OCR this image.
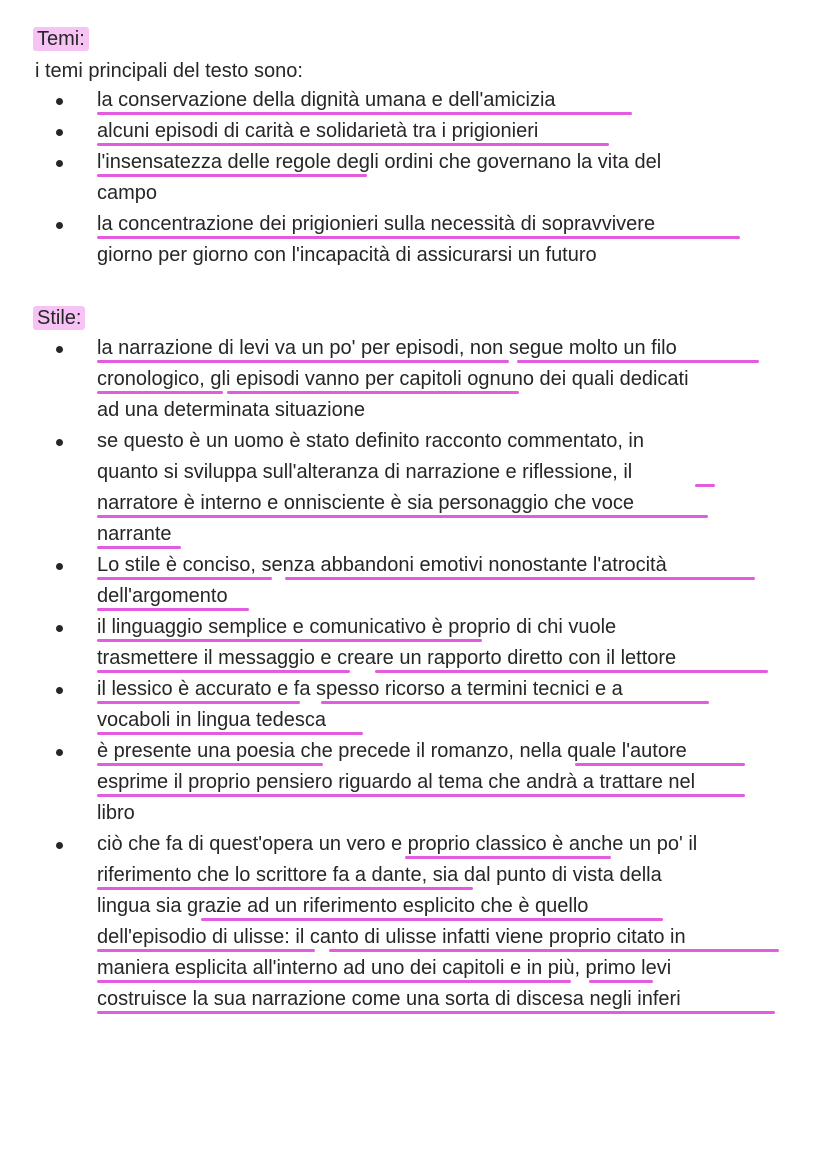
Temi:
i temi principali del testo sono:
la conservazione della dignità umana e dell'amicizia
alcuni episodi di carità e solidarietà tra i prigionieri
l'insensatezza delle regole degli ordini che governano la vita del
campo
la concentrazione dei prigionieri sulla necessità di sopravvivere
giorno per giorno con l'incapacità di assicurarsi un futuro
Stile:
la narrazione di levi va un po' per episodi, non segue molto un filo
cronologico, gli episodi vanno per capitoli ognuno dei quali dedicati
ad una determinata situazione
se questo è un uomo è stato definito racconto commentato, in
quanto si sviluppa sull'alteranza di narrazione e riflessione, il
narratore è interno e onnisciente è sia personaggio che voce
narrante
Lo stile è conciso, senza abbandoni emotivi nonostante l'atrocità
dell'argomento
il linguaggio semplice e comunicativo è proprio di chi vuole
trasmettere il messaggio e creare un rapporto diretto con il lettore
il lessico è accurato e fa spesso ricorso a termini tecnici e a
vocaboli in lingua tedesca
è presente una poesia che precede il romanzo, nella quale l'autore
esprime il proprio pensiero riguardo al tema che andrà a trattare nel
libro
ciò che fa di quest'opera un vero e proprio classico è anche un po' il
riferimento che lo scrittore fa a dante, sia dal punto di vista della
lingua sia grazie ad un riferimento esplicito che è quello
dell'episodio di ulisse: il canto di ulisse infatti viene proprio citato in
maniera esplicita all'interno ad uno dei capitoli e in più, primo levi
costruisce la sua narrazione come una sorta di discesa negli inferi
